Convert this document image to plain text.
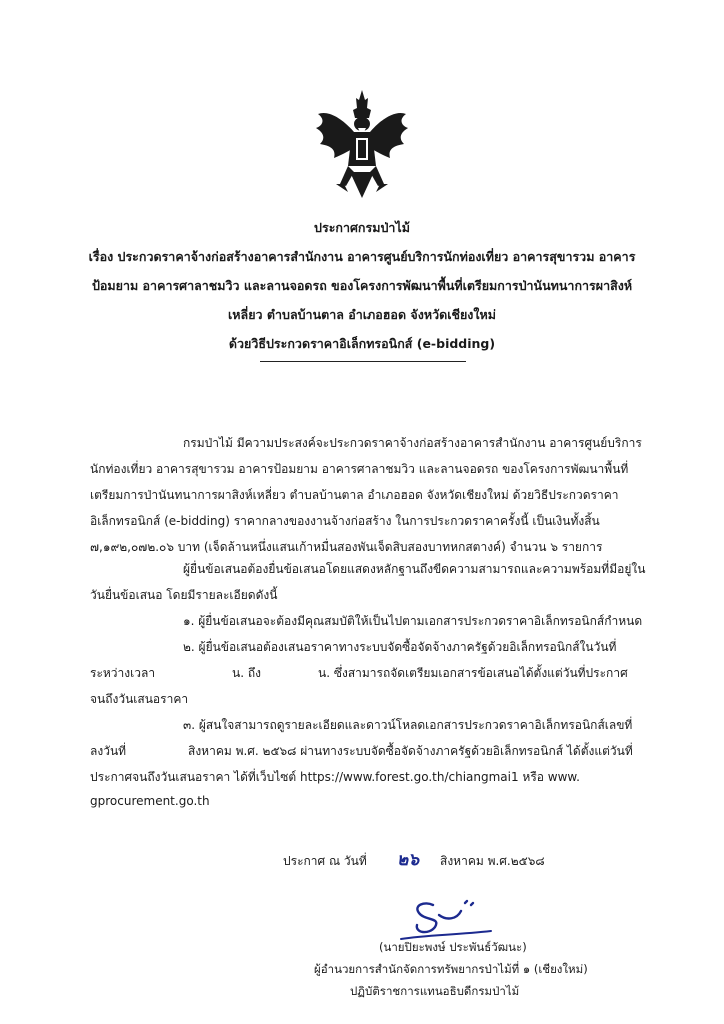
ประกาศกรมป่าไม้
เรื่อง ประกวดราคาจ้างก่อสร้างอาคารสำนักงาน อาคารศูนย์บริการนักท่องเที่ยว อาคารสุขารวม อาคาร
ป้อมยาม อาคารศาลาชมวิว และลานจอดรถ ของโครงการพัฒนาพื้นที่เตรียมการป่านันทนาการผาสิงห์
เหลี่ยว ตำบลบ้านตาล อำเภอฮอด จังหวัดเชียงใหม่
ด้วยวิธีประกวดราคาอิเล็กทรอนิกส์ (e-bidding)
กรมป่าไม้ มีความประสงค์จะประกวดราคาจ้างก่อสร้างอาคารสำนักงาน อาคารศูนย์บริการ
นักท่องเที่ยว อาคารสุขารวม อาคารป้อมยาม อาคารศาลาชมวิว และลานจอดรถ ของโครงการพัฒนาพื้นที่
เตรียมการป่านันทนาการผาสิงห์เหลี่ยว ตำบลบ้านตาล อำเภอฮอด จังหวัดเชียงใหม่ ด้วยวิธีประกวดราคา
อิเล็กทรอนิกส์ (e-bidding) ราคากลางของงานจ้างก่อสร้าง ในการประกวดราคาครั้งนี้ เป็นเงินทั้งสิ้น
๗,๑๙๒,๐๗๒.๐๖ บาท (เจ็ดล้านหนึ่งแสนเก้าหมื่นสองพันเจ็ดสิบสองบาทหกสตางค์) จำนวน ๖ รายการ
ผู้ยื่นข้อเสนอต้องยื่นข้อเสนอโดยแสดงหลักฐานถึงขีดความสามารถและความพร้อมที่มีอยู่ใน
วันยื่นข้อเสนอ โดยมีรายละเอียดดังนี้
๑. ผู้ยื่นข้อเสนอจะต้องมีคุณสมบัติให้เป็นไปตามเอกสารประกวดราคาอิเล็กทรอนิกส์กำหนด
๒. ผู้ยื่นข้อเสนอต้องเสนอราคาทางระบบจัดซื้อจัดจ้างภาครัฐด้วยอิเล็กทรอนิกส์ในวันที่
ระหว่างเวลา	น. ถึง	น. ซึ่งสามารถจัดเตรียมเอกสารข้อเสนอได้ตั้งแต่วันที่ประกาศ
จนถึงวันเสนอราคา
๓. ผู้สนใจสามารถดูรายละเอียดและดาวน์โหลดเอกสารประกวดราคาอิเล็กทรอนิกส์เลขที่
ลงวันที่	สิงหาคม พ.ศ. ๒๕๖๘ ผ่านทางระบบจัดซื้อจัดจ้างภาครัฐด้วยอิเล็กทรอนิกส์ ได้ตั้งแต่วันที่
ประกาศจนถึงวันเสนอราคา ได้ที่เว็บไซต์ https://www.forest.go.th/chiangmai1 หรือ www.
gprocurement.go.th
ประกาศ ณ วันที่ ๒๖ สิงหาคม พ.ศ.๒๕๖๘
(นายปิยะพงษ์ ประพันธ์วัฒนะ)
ผู้อำนวยการสำนักจัดการทรัพยากรป่าไม้ที่ ๑ (เชียงใหม่)
ปฏิบัติราชการแทนอธิบดีกรมป่าไม้
